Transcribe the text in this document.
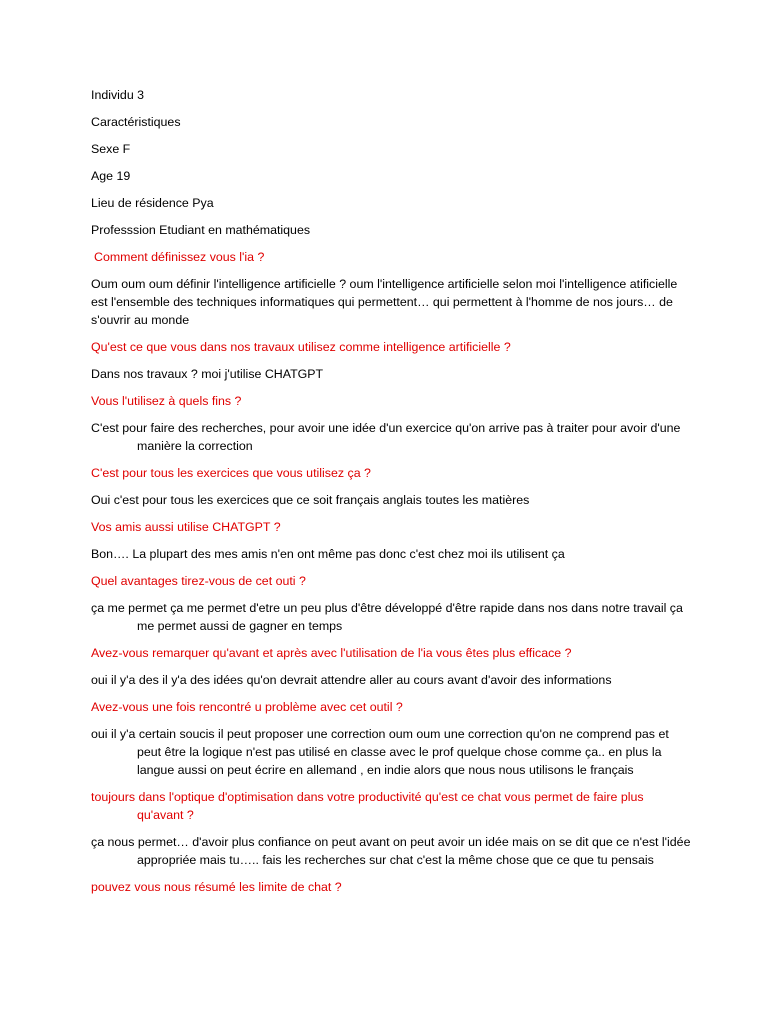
Individu 3
Caractéristiques
Sexe F
Age 19
Lieu de résidence Pya
Professsion Etudiant en mathématiques
Comment définissez vous l'ia ?
Oum oum oum définir l'intelligence artificielle ? oum l'intelligence artificielle selon moi l'intelligence atificielle est l'ensemble des techniques informatiques qui permettent… qui permettent à l'homme de nos jours… de s'ouvrir au monde
Qu'est ce que vous dans nos travaux utilisez comme intelligence artificielle ?
Dans nos travaux ? moi j'utilise CHATGPT
Vous l'utilisez à quels fins ?
C'est pour faire des recherches, pour avoir une idée d'un exercice qu'on arrive pas à traiter pour avoir d'une manière la correction
C'est pour tous les exercices que vous utilisez ça ?
Oui c'est pour tous les exercices que ce soit français anglais toutes les matières
Vos amis aussi utilise CHATGPT ?
Bon…. La plupart des mes amis n'en ont même pas donc c'est chez moi ils utilisent ça
Quel avantages tirez-vous de cet outi ?
ça me permet ça me permet d'etre un peu plus d'être développé d'être rapide dans nos dans notre travail ça me permet aussi de gagner en temps
Avez-vous remarquer qu'avant et après avec l'utilisation de l'ia vous êtes plus efficace ?
oui il y'a des il y'a des idées qu'on devrait attendre aller au cours avant d'avoir des informations
Avez-vous une fois rencontré u problème avec cet outil ?
oui il y'a certain soucis il peut proposer une correction oum oum une correction qu'on ne comprend pas et peut être la logique n'est pas utilisé en classe avec le prof quelque chose comme ça.. en plus la langue aussi on peut écrire en allemand , en indie alors que nous nous utilisons le français
toujours dans l'optique d'optimisation dans votre productivité qu'est ce chat vous permet de faire plus qu'avant ?
ça nous permet… d'avoir plus confiance on peut avant on peut avoir un idée mais on se dit que ce n'est l'idée appropriée mais tu….. fais les recherches sur chat c'est la même chose que ce que tu pensais
pouvez vous nous résumé les limite de chat ?
